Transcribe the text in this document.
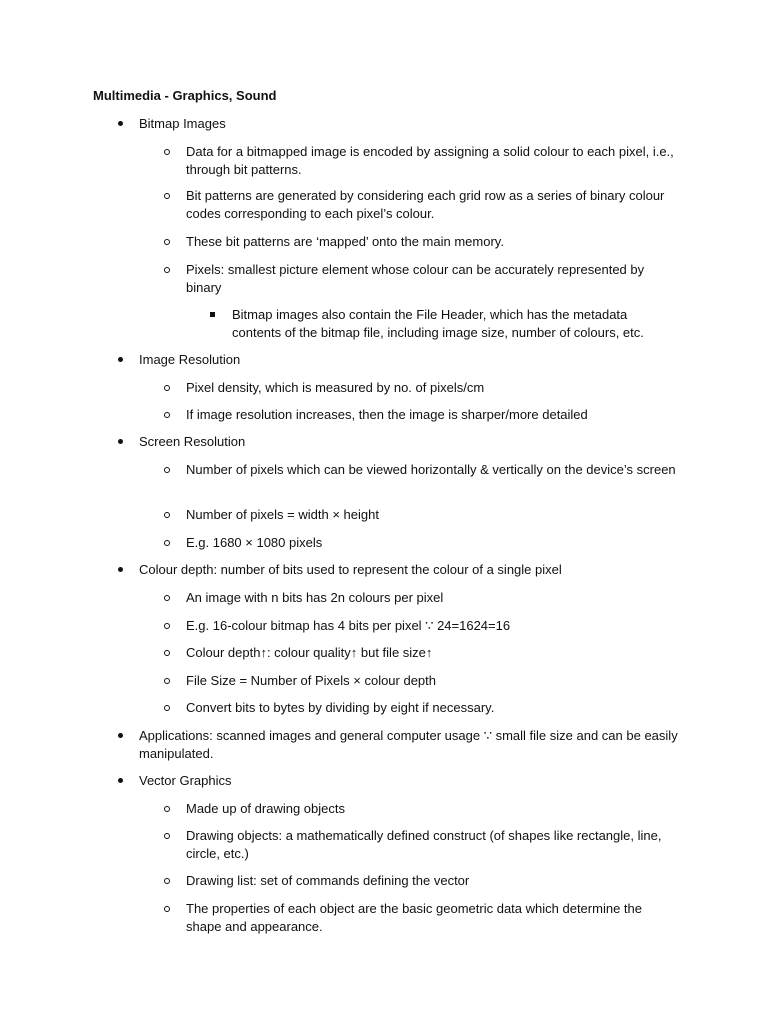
Multimedia - Graphics, Sound
Bitmap Images
Data for a bitmapped image is encoded by assigning a solid colour to each pixel, i.e., through bit patterns.
Bit patterns are generated by considering each grid row as a series of binary colour codes corresponding to each pixel’s colour.
These bit patterns are ‘mapped’ onto the main memory.
Pixels: smallest picture element whose colour can be accurately represented by binary
Bitmap images also contain the File Header, which has the metadata contents of the bitmap file, including image size, number of colours, etc.
Image Resolution
Pixel density, which is measured by no. of pixels/cm
If image resolution increases, then the image is sharper/more detailed
Screen Resolution
Number of pixels which can be viewed horizontally & vertically on the device’s screen
Number of pixels = width × height
E.g. 1680 × 1080 pixels
Colour depth: number of bits used to represent the colour of a single pixel
An image with n bits has 2n colours per pixel
E.g. 16-colour bitmap has 4 bits per pixel ∵ 24=1624=16
Colour depth↑: colour quality↑ but file size↑
File Size = Number of Pixels × colour depth
Convert bits to bytes by dividing by eight if necessary.
Applications: scanned images and general computer usage ∵ small file size and can be easily manipulated.
Vector Graphics
Made up of drawing objects
Drawing objects: a mathematically defined construct (of shapes like rectangle, line, circle, etc.)
Drawing list: set of commands defining the vector
The properties of each object are the basic geometric data which determine the shape and appearance.
